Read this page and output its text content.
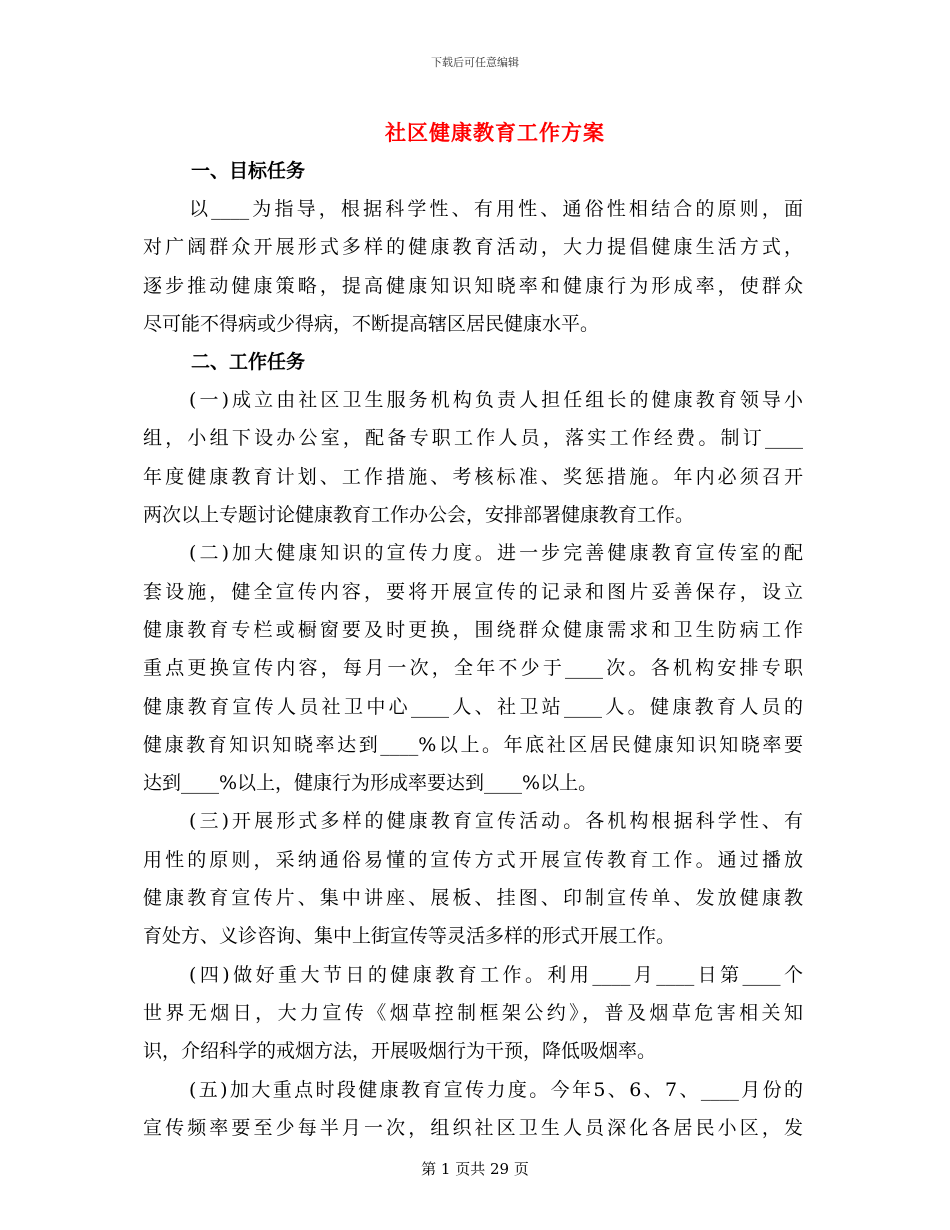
下载后可任意编辑
社区健康教育工作方案
一、目标任务
以____为指导，根据科学性、有用性、通俗性相结合的原则，面
对广阔群众开展形式多样的健康教育活动，大力提倡健康生活方式，
逐步推动健康策略，提高健康知识知晓率和健康行为形成率，使群众
尽可能不得病或少得病，不断提高辖区居民健康水平。
二、工作任务
(一)成立由社区卫生服务机构负责人担任组长的健康教育领导小
组，小组下设办公室，配备专职工作人员，落实工作经费。制订____
年度健康教育计划、工作措施、考核标准、奖惩措施。年内必须召开
两次以上专题讨论健康教育工作办公会，安排部署健康教育工作。
(二)加大健康知识的宣传力度。进一步完善健康教育宣传室的配
套设施，健全宣传内容，要将开展宣传的记录和图片妥善保存，设立
健康教育专栏或橱窗要及时更换，围绕群众健康需求和卫生防病工作
重点更换宣传内容，每月一次，全年不少于____次。各机构安排专职
健康教育宣传人员社卫中心____人、社卫站____人。健康教育人员的
健康教育知识知晓率达到____%以上。年底社区居民健康知识知晓率要
达到____%以上，健康行为形成率要达到____%以上。
(三)开展形式多样的健康教育宣传活动。各机构根据科学性、有
用性的原则，采纳通俗易懂的宣传方式开展宣传教育工作。通过播放
健康教育宣传片、集中讲座、展板、挂图、印制宣传单、发放健康教
育处方、义诊咨询、集中上街宣传等灵活多样的形式开展工作。
(四)做好重大节日的健康教育工作。利用____月____日第____个
世界无烟日，大力宣传《烟草控制框架公约》，普及烟草危害相关知
识，介绍科学的戒烟方法，开展吸烟行为干预，降低吸烟率。
(五)加大重点时段健康教育宣传力度。今年5、6、7、____月份的
宣传频率要至少每半月一次，组织社区卫生人员深化各居民小区，发
第 1 页共 29 页
